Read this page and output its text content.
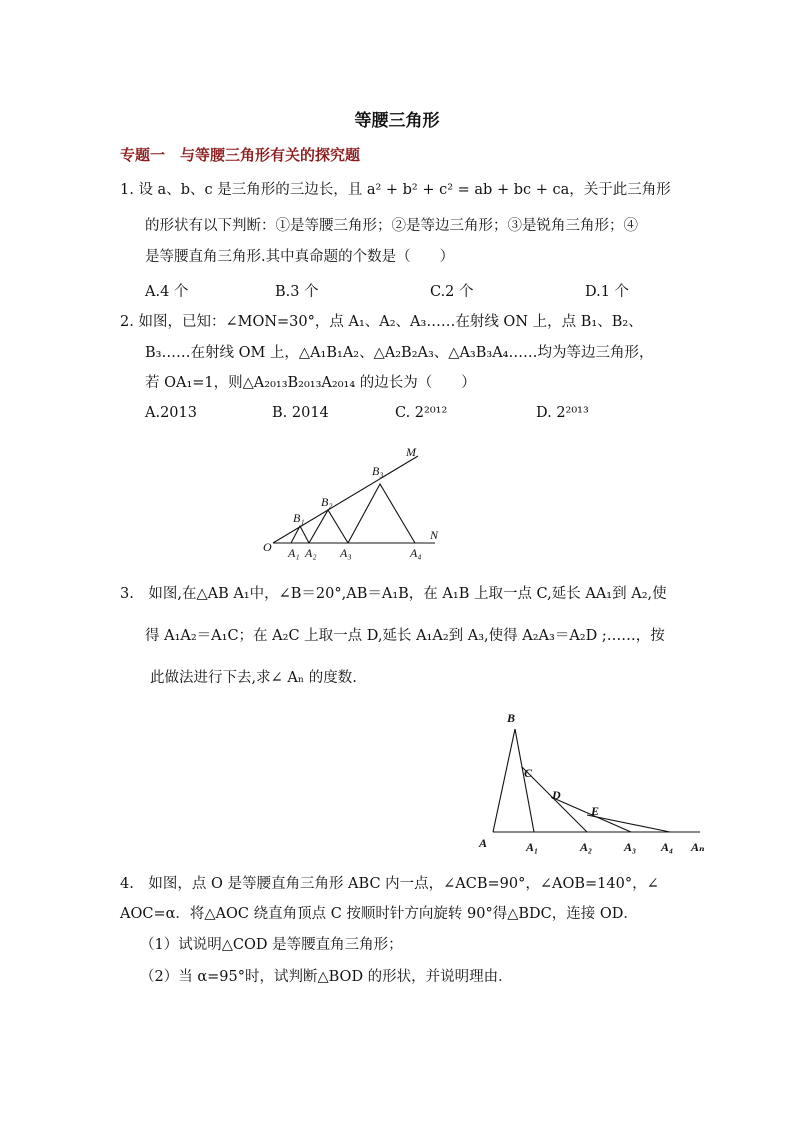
等腰三角形
专题一　与等腰三角形有关的探究题
1. 设 a、b、c 是三角形的三边长，且 a² + b² + c² = ab + bc + ca，关于此三角形
的形状有以下判断：①是等腰三角形；②是等边三角形；③是锐角三角形；④
是等腰直角三角形.其中真命题的个数是（　　）
A.4 个	B.3 个	C.2 个	D.1 个
2. 如图，已知：∠MON=30°，点 A₁、A₂、A₃……在射线 ON 上，点 B₁、B₂、
B₃……在射线 OM 上，△A₁B₁A₂、△A₂B₂A₃、△A₃B₃A₄……均为等边三角形，
若 OA₁=1，则△A₂₀₁₃B₂₀₁₃A₂₀₁₄ 的边长为（　　）
A.2013	B. 2014	C. 2²⁰¹²	D. 2²⁰¹³
O
M
N
A₁ A₂ A₃	A₄
B₁
B₂
B₃
3.　如图,在△AB A₁中，∠B＝20°,AB＝A₁B，在 A₁B 上取一点 C,延长 AA₁到 A₂,使
得 A₁A₂＝A₁C；在 A₂C 上取一点 D,延长 A₁A₂到 A₃,使得 A₂A₃＝A₂D ;……，按
此做法进行下去,求∠ Aₙ 的度数.
B
C
D
E
A	A₁	A₂	A₃ A₄ Aₙ
4.　如图，点 O 是等腰直角三角形 ABC 内一点，∠ACB=90°，∠AOB=140°，∠
AOC=α．将△AOC 绕直角顶点 C 按顺时针方向旋转 90°得△BDC，连接 OD．
（1）试说明△COD 是等腰直角三角形；
（2）当 α=95°时，试判断△BOD 的形状，并说明理由．
